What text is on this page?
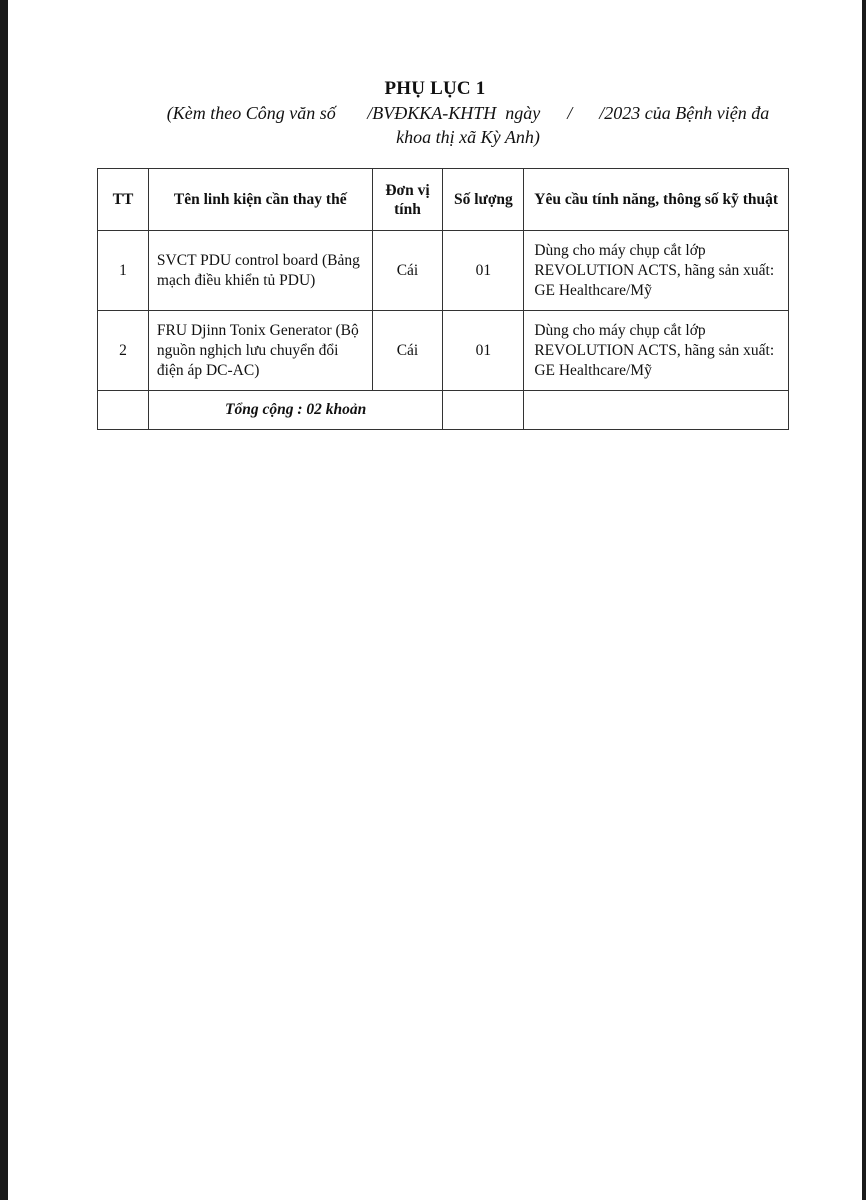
PHỤ LỤC 1
(Kèm theo Công văn số       /BVĐKKA-KHTH  ngày      /      /2023 của Bệnh viện đa
khoa thị xã Kỳ Anh)
TT	Tên linh kiện cần thay thế	Đơn vị tính	Số lượng	Yêu cầu tính năng, thông số kỹ thuật
1	SVCT PDU control board (Bảng mạch điều khiển tủ PDU)	Cái	01	Dùng cho máy chụp cắt lớp REVOLUTION ACTS, hãng sản xuất: GE Healthcare/Mỹ
2	FRU Djinn Tonix Generator (Bộ nguồn nghịch lưu chuyển đổi điện áp DC-AC)	Cái	01	Dùng cho máy chụp cắt lớp REVOLUTION ACTS, hãng sản xuất: GE Healthcare/Mỹ
	Tổng cộng : 02 khoản			
